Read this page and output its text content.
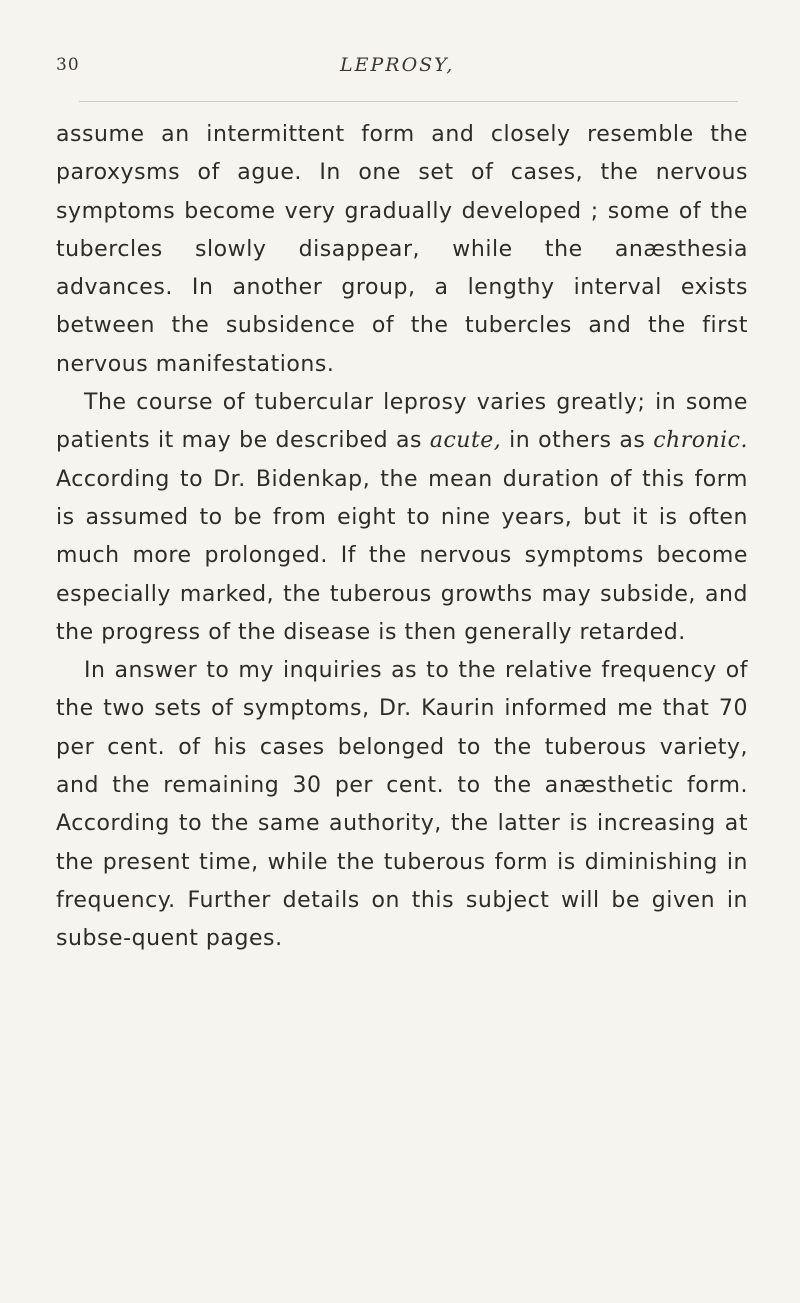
30	LEPROSY,

assume an intermittent form and closely resemble the paroxysms of ague. In one set of cases, the nervous symptoms become very gradually developed ; some of the tubercles slowly disappear, while the anæsthesia advances. In another group, a lengthy interval exists between the subsidence of the tubercles and the first nervous manifestations.

The course of tubercular leprosy varies greatly; in some patients it may be described as acute, in others as chronic. According to Dr. Bidenkap, the mean duration of this form is assumed to be from eight to nine years, but it is often much more prolonged. If the nervous symptoms become especially marked, the tuberous growths may subside, and the progress of the disease is then generally retarded.

In answer to my inquiries as to the relative frequency of the two sets of symptoms, Dr. Kaurin informed me that 70 per cent. of his cases belonged to the tuberous variety, and the remaining 30 per cent. to the anæsthetic form. According to the same authority, the latter is increasing at the present time, while the tuberous form is diminishing in frequency. Further details on this subject will be given in subse-quent pages.
